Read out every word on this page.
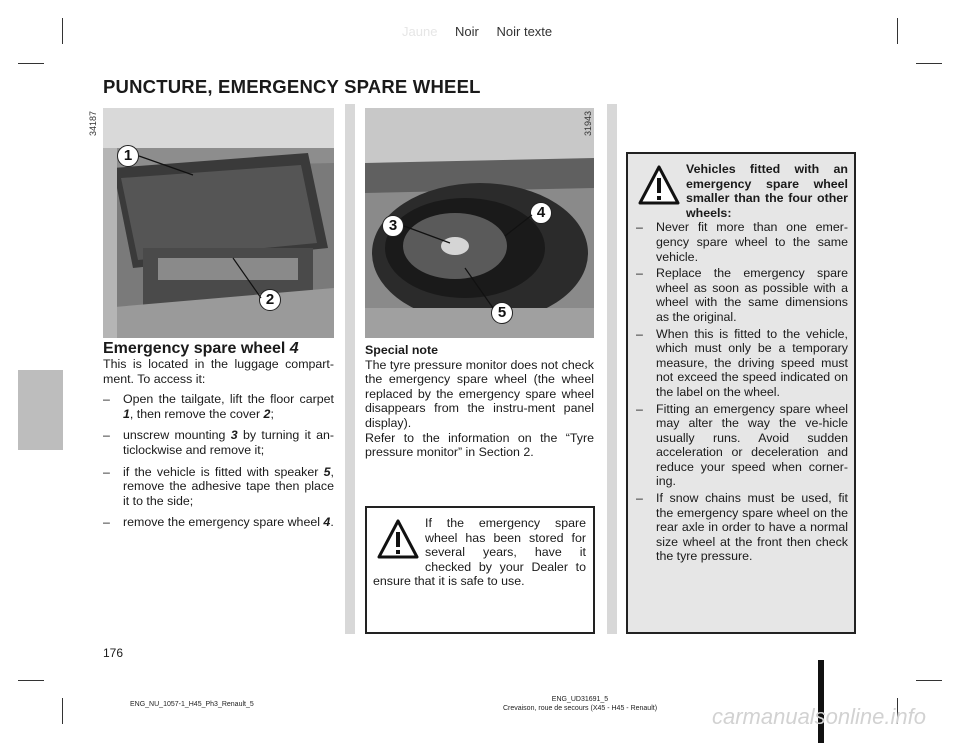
Jaune Noir Noir texte
PUNCTURE, EMERGENCY SPARE WHEEL
1
2
34187
3
4
5
31943
Emergency spare wheel 4
This is located in the luggage compart-ment. To access it:
– Open the tailgate, lift the floor carpet 1, then remove the cover 2;
– unscrew mounting 3 by turning it an-ticlockwise and remove it;
– if the vehicle is fitted with speaker 5, remove the adhesive tape then place it to the side;
– remove the emergency spare wheel 4.
Special note
The tyre pressure monitor does not check the emergency spare wheel (the wheel replaced by the emergency spare wheel disappears from the instru-ment panel display).
Refer to the information on the “Tyre pressure monitor” in Section 2.
If the emergency spare wheel has been stored for several years, have it checked by your Dealer to ensure that it is safe to use.
Vehicles fitted with an emergency spare wheel smaller than the four other wheels:
– Never fit more than one emer-gency spare wheel to the same vehicle.
– Replace the emergency spare wheel as soon as possible with a wheel with the same dimensions as the original.
– When this is fitted to the vehicle, which must only be a temporary measure, the driving speed must not exceed the speed indicated on the label on the wheel.
– Fitting an emergency spare wheel may alter the way the ve-hicle usually runs. Avoid sudden acceleration or deceleration and reduce your speed when corner-ing.
– If snow chains must be used, fit the emergency spare wheel on the rear axle in order to have a normal size wheel at the front then check the tyre pressure.
176
ENG_NU_1057-1_H45_Ph3_Renault_5
ENG_UD31691_5
Crevaison, roue de secours (X45 - H45 - Renault)	carmanualsonline.info
